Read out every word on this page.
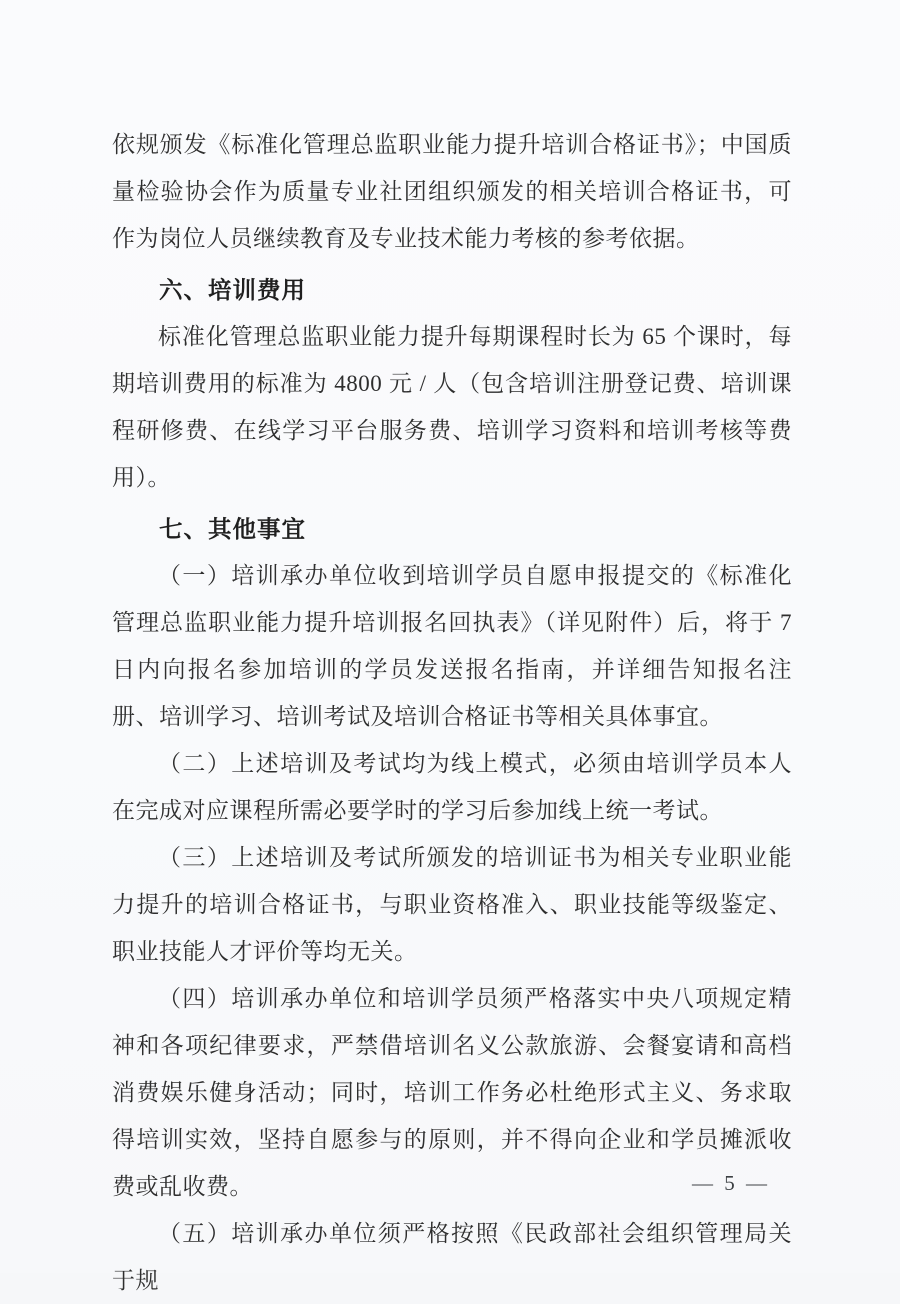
依规颁发《标准化管理总监职业能力提升培训合格证书》；中国质量检验协会作为质量专业社团组织颁发的相关培训合格证书，可作为岗位人员继续教育及专业技术能力考核的参考依据。

六、培训费用

标准化管理总监职业能力提升每期课程时长为 65 个课时，每期培训费用的标准为 4800 元 / 人（包含培训注册登记费、培训课程研修费、在线学习平台服务费、培训学习资料和培训考核等费用）。

七、其他事宜

（一）培训承办单位收到培训学员自愿申报提交的《标准化管理总监职业能力提升培训报名回执表》（详见附件）后，将于 7 日内向报名参加培训的学员发送报名指南，并详细告知报名注册、培训学习、培训考试及培训合格证书等相关具体事宜。

（二）上述培训及考试均为线上模式，必须由培训学员本人在完成对应课程所需必要学时的学习后参加线上统一考试。

（三）上述培训及考试所颁发的培训证书为相关专业职业能力提升的培训合格证书，与职业资格准入、职业技能等级鉴定、职业技能人才评价等均无关。

（四）培训承办单位和培训学员须严格落实中央八项规定精神和各项纪律要求，严禁借培训名义公款旅游、会餐宴请和高档消费娱乐健身活动；同时，培训工作务必杜绝形式主义、务求取得培训实效，坚持自愿参与的原则，并不得向企业和学员摊派收费或乱收费。

（五）培训承办单位须严格按照《民政部社会组织管理局关于规

— 5 —
